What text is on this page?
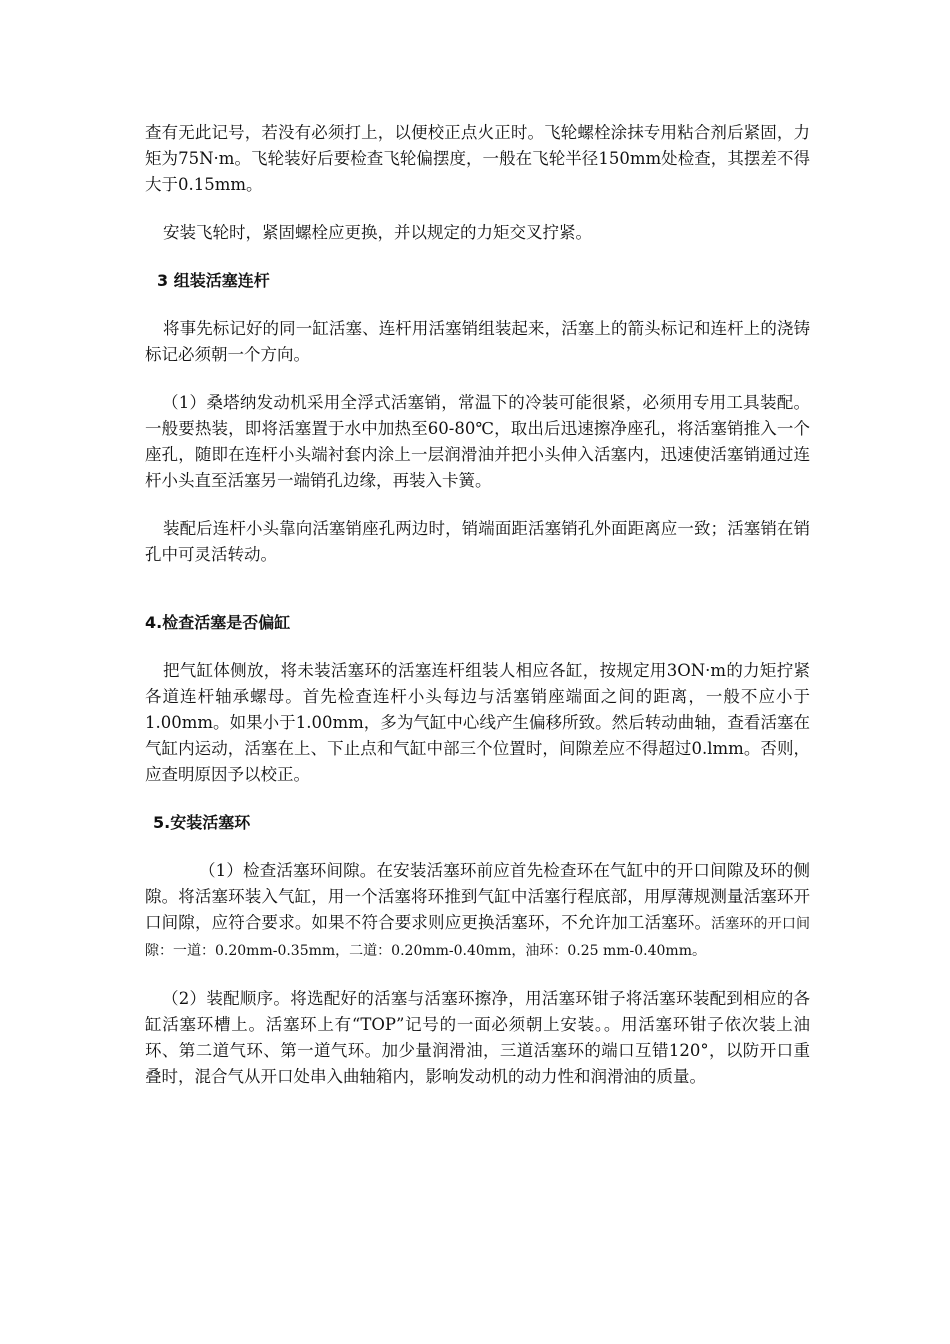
查有无此记号，若没有必须打上，以便校正点火正时。飞轮螺栓涂抹专用粘合剂后紧固，力矩为75N·m。飞轮装好后要检查飞轮偏摆度，一般在飞轮半径150mm处检查，其摆差不得大于0.15mm。

安装飞轮时，紧固螺栓应更换，并以规定的力矩交叉拧紧。

3 组装活塞连杆

将事先标记好的同一缸活塞、连杆用活塞销组装起来，活塞上的箭头标记和连杆上的浇铸标记必须朝一个方向。

（1）桑塔纳发动机采用全浮式活塞销，常温下的冷装可能很紧，必须用专用工具装配。一般要热装，即将活塞置于水中加热至60-80℃，取出后迅速擦净座孔，将活塞销推入一个座孔，随即在连杆小头端衬套内涂上一层润滑油并把小头伸入活塞内，迅速使活塞销通过连杆小头直至活塞另一端销孔边缘，再装入卡簧。

装配后连杆小头靠向活塞销座孔两边时，销端面距活塞销孔外面距离应一致；活塞销在销孔中可灵活转动。

4.检查活塞是否偏缸

把气缸体侧放，将未装活塞环的活塞连杆组装人相应各缸，按规定用3ON·m的力矩拧紧各道连杆轴承螺母。首先检查连杆小头每边与活塞销座端面之间的距离，一般不应小于1.00mm。如果小于1.00mm，多为气缸中心线产生偏移所致。然后转动曲轴，查看活塞在气缸内运动，活塞在上、下止点和气缸中部三个位置时，间隙差应不得超过0.lmm。否则，应查明原因予以校正。

5.安装活塞环

（1）检查活塞环间隙。在安装活塞环前应首先检查环在气缸中的开口间隙及环的侧隙。将活塞环装入气缸，用一个活塞将环推到气缸中活塞行程底部，用厚薄规测量活塞环开口间隙，应符合要求。如果不符合要求则应更换活塞环，不允许加工活塞环。活塞环的开口间隙：一道：0.20mm-0.35mm，二道：0.20mm-0.40mm，油环：0.25 mm-0.40mm。

（2）装配顺序。将选配好的活塞与活塞环擦净，用活塞环钳子将活塞环装配到相应的各缸活塞环槽上。活塞环上有“TOP”记号的一面必须朝上安装。。用活塞环钳子依次装上油环、第二道气环、第一道气环。加少量润滑油，三道活塞环的端口互错120°，以防开口重叠时，混合气从开口处串入曲轴箱内，影响发动机的动力性和润滑油的质量。
